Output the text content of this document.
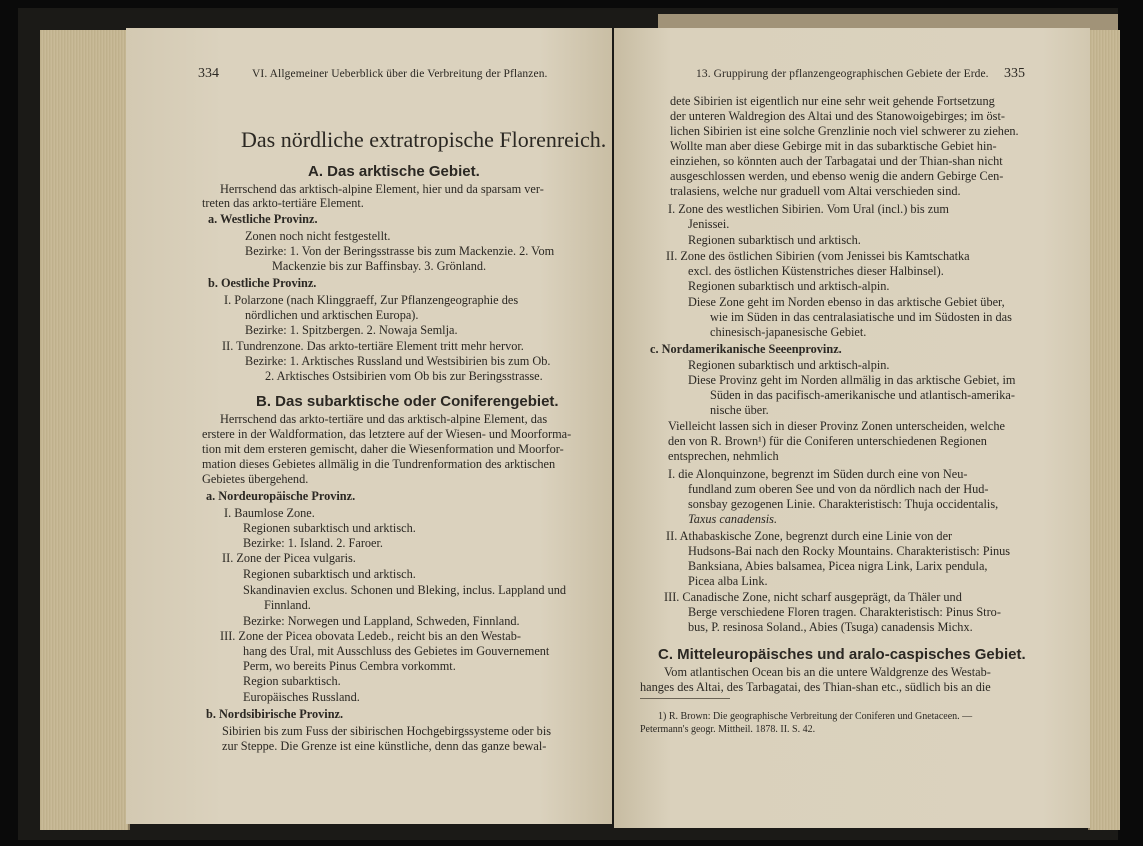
334	VI. Allgemeiner Ueberblick über die Verbreitung der Pflanzen.
Das nördliche extratropische Florenreich.
A. Das arktische Gebiet.
Herrschend das arktisch-alpine Element, hier und da sparsam ver-
treten das arkto-tertiäre Element.
a. Westliche Provinz.
Zonen noch nicht festgestellt.
Bezirke: 1. Von der Beringsstrasse bis zum Mackenzie. 2. Vom
Mackenzie bis zur Baffinsbay. 3. Grönland.
b. Oestliche Provinz.
I. Polarzone (nach Klinggraeff, Zur Pflanzengeographie des
nördlichen und arktischen Europa).
Bezirke: 1. Spitzbergen. 2. Nowaja Semlja.
II. Tundrenzone. Das arkto-tertiäre Element tritt mehr hervor.
Bezirke: 1. Arktisches Russland und Westsibirien bis zum Ob.
2. Arktisches Ostsibirien vom Ob bis zur Beringsstrasse.
B. Das subarktische oder Coniferengebiet.
Herrschend das arkto-tertiäre und das arktisch-alpine Element, das
erstere in der Waldformation, das letztere auf der Wiesen- und Moorforma-
tion mit dem ersteren gemischt, daher die Wiesenformation und Moorfor-
mation dieses Gebietes allmälig in die Tundrenformation des arktischen
Gebietes übergehend.
a. Nordeuropäische Provinz.
I. Baumlose Zone.
Regionen subarktisch und arktisch.
Bezirke: 1. Island. 2. Faroer.
II. Zone der Picea vulgaris.
Regionen subarktisch und arktisch.
Skandinavien exclus. Schonen und Bleking, inclus. Lappland und
Finnland.
Bezirke: Norwegen und Lappland, Schweden, Finnland.
III. Zone der Picea obovata Ledeb., reicht bis an den Westab-
hang des Ural, mit Ausschluss des Gebietes im Gouvernement
Perm, wo bereits Pinus Cembra vorkommt.
Region subarktisch.
Europäisches Russland.
b. Nordsibirische Provinz.
Sibirien bis zum Fuss der sibirischen Hochgebirgssysteme oder bis
zur Steppe. Die Grenze ist eine künstliche, denn das ganze bewal-
13. Gruppirung der pflanzengeographischen Gebiete der Erde. 335
dete Sibirien ist eigentlich nur eine sehr weit gehende Fortsetzung
der unteren Waldregion des Altai und des Stanowoigebirges; im öst-
lichen Sibirien ist eine solche Grenzlinie noch viel schwerer zu ziehen.
Wollte man aber diese Gebirge mit in das subarktische Gebiet hin-
einziehen, so könnten auch der Tarbagatai und der Thian-shan nicht
ausgeschlossen werden, und ebenso wenig die andern Gebirge Cen-
tralasiens, welche nur graduell vom Altai verschieden sind.
I. Zone des westlichen Sibirien. Vom Ural (incl.) bis zum
Jenissei.
Regionen subarktisch und arktisch.
II. Zone des östlichen Sibirien (vom Jenissei bis Kamtschatka
excl. des östlichen Küstenstriches dieser Halbinsel).
Regionen subarktisch und arktisch-alpin.
Diese Zone geht im Norden ebenso in das arktische Gebiet über,
wie im Süden in das centralasiatische und im Südosten in das
chinesisch-japanesische Gebiet.
c. Nordamerikanische Seeenprovinz.
Regionen subarktisch und arktisch-alpin.
Diese Provinz geht im Norden allmälig in das arktische Gebiet, im
Süden in das pacifisch-amerikanische und atlantisch-amerika-
nische über.
Vielleicht lassen sich in dieser Provinz Zonen unterscheiden, welche
den von R. Brown¹) für die Coniferen unterschiedenen Regionen
entsprechen, nehmlich
I. die Alonquinzone, begrenzt im Süden durch eine von Neu-
fundland zum oberen See und von da nördlich nach der Hud-
sonsbay gezogenen Linie. Charakteristisch: Thuja occidentalis,
Taxus canadensis.
II. Athabaskische Zone, begrenzt durch eine Linie von der
Hudsons-Bai nach den Rocky Mountains. Charakteristisch: Pinus
Banksiana, Abies balsamea, Picea nigra Link, Larix pendula,
Picea alba Link.
III. Canadische Zone, nicht scharf ausgeprägt, da Thäler und
Berge verschiedene Floren tragen. Charakteristisch: Pinus Stro-
bus, P. resinosa Soland., Abies (Tsuga) canadensis Michx.
C. Mitteleuropäisches und aralo-caspisches Gebiet.
Vom atlantischen Ocean bis an die untere Waldgrenze des Westab-
hanges des Altai, des Tarbagatai, des Thian-shan etc., südlich bis an die
1) R. Brown: Die geographische Verbreitung der Coniferen und Gnetaceen. —
Petermann's geogr. Mittheil. 1878. II. S. 42.
